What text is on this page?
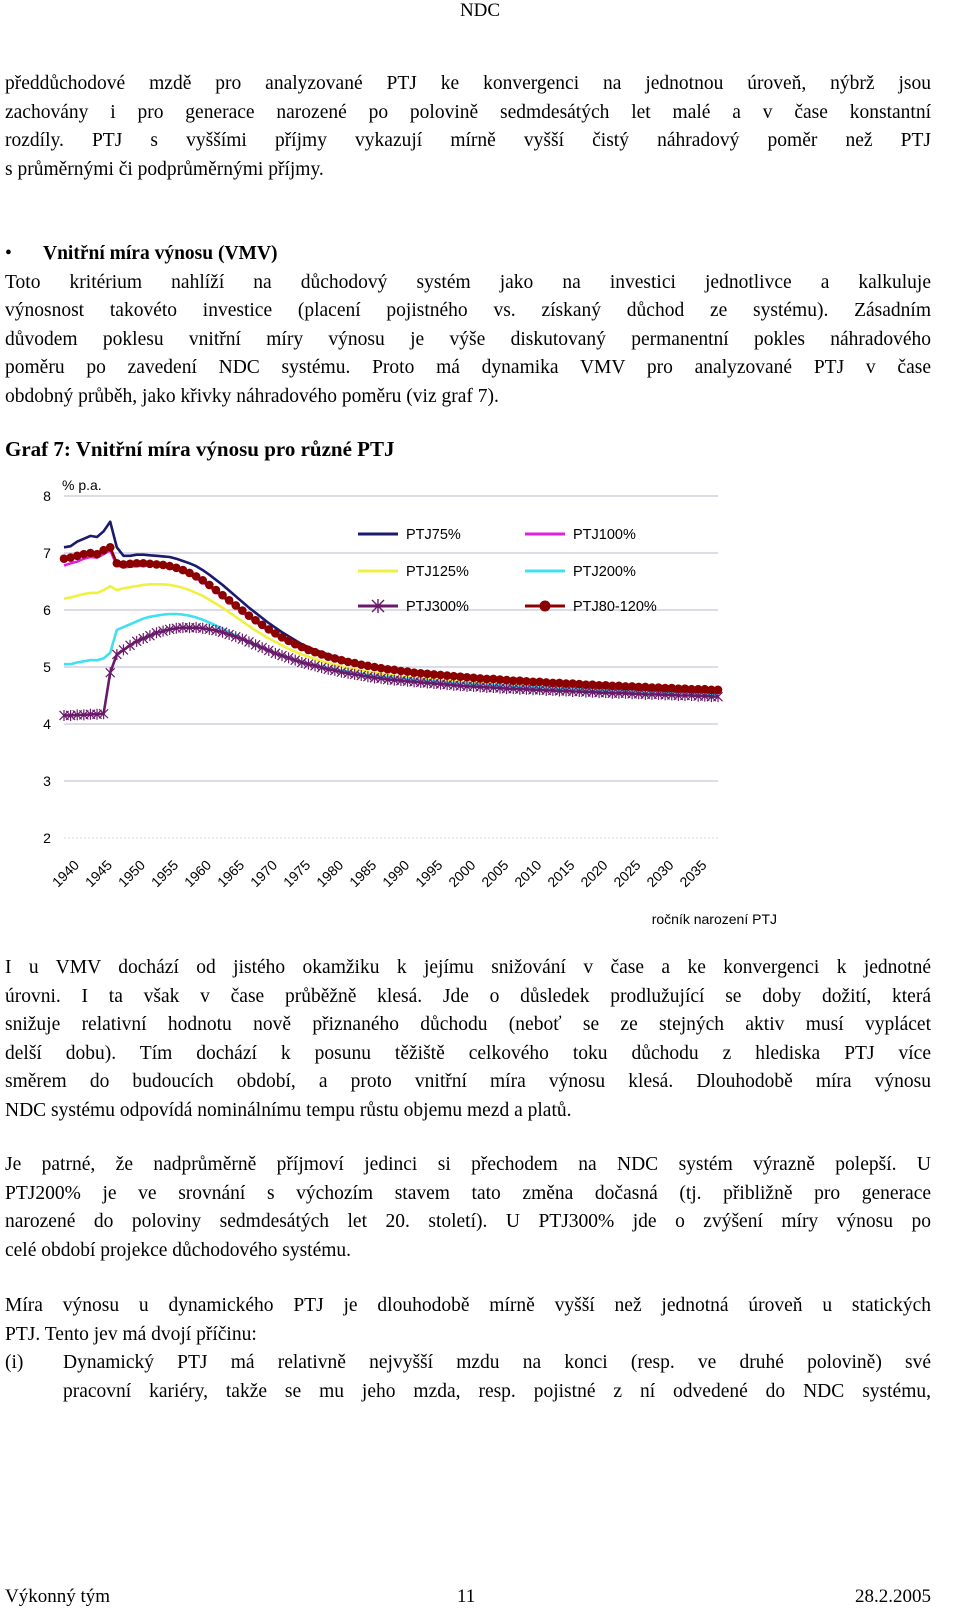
NDC
předdůchodové mzdě pro analyzované PTJ ke konvergenci na jednotnou úroveň, nýbrž jsou
zachovány i pro generace narozené po polovině sedmdesátých let malé a v čase konstantní
rozdíly. PTJ s vyššími příjmy vykazují mírně vyšší čistý náhradový poměr než PTJ
s průměrnými či podprůměrnými příjmy.
• Vnitřní míra výnosu (VMV)
Toto kritérium nahlíží na důchodový systém jako na investici jednotlivce a kalkuluje
výnosnost takovéto investice (placení pojistného vs. získaný důchod ze systému). Zásadním
důvodem poklesu vnitřní míry výnosu je výše diskutovaný permanentní pokles náhradového
poměru po zavedení NDC systému. Proto má dynamika VMV pro analyzované PTJ v čase
obdobný průběh, jako křivky náhradového poměru (viz graf 7).
Graf 7: Vnitřní míra výnosu pro různé PTJ
2
3
4
5
6
7
8
% p.a.
1940 1945 1950 1955 1960 1965 1970 1975 1980 1985 1990 1995 2000 2005 2010 2015 2020 2025 2030 2035
ročník narození PTJ
PTJ75%	PTJ100%
PTJ125%	PTJ200%
PTJ300%	PTJ80-120%
I u VMV dochází od jistého okamžiku k jejímu snižování v čase a ke konvergenci k jednotné
úrovni. I ta však v čase průběžně klesá. Jde o důsledek prodlužující se doby dožití, která
snižuje relativní hodnotu nově přiznaného důchodu (neboť se ze stejných aktiv musí vyplácet
delší dobu). Tím dochází k posunu těžiště celkového toku důchodu z hlediska PTJ více
směrem do budoucích období, a proto vnitřní míra výnosu klesá. Dlouhodobě míra výnosu
NDC systému odpovídá nominálnímu tempu růstu objemu mezd a platů.
Je patrné, že nadprůměrně příjmoví jedinci si přechodem na NDC systém výrazně polepší. U
PTJ200% je ve srovnání s výchozím stavem tato změna dočasná (tj. přibližně pro generace
narozené do poloviny sedmdesátých let 20. století). U PTJ300% jde o zvýšení míry výnosu po
celé období projekce důchodového systému.
Míra výnosu u dynamického PTJ je dlouhodobě mírně vyšší než jednotná úroveň u statických
PTJ. Tento jev má dvojí příčinu:
(i) Dynamický PTJ má relativně nejvyšší mzdu na konci (resp. ve druhé polovině) své
pracovní kariéry, takže se mu jeho mzda, resp. pojistné z ní odvedené do NDC systému,
Výkonný tým	11	28.2.2005
